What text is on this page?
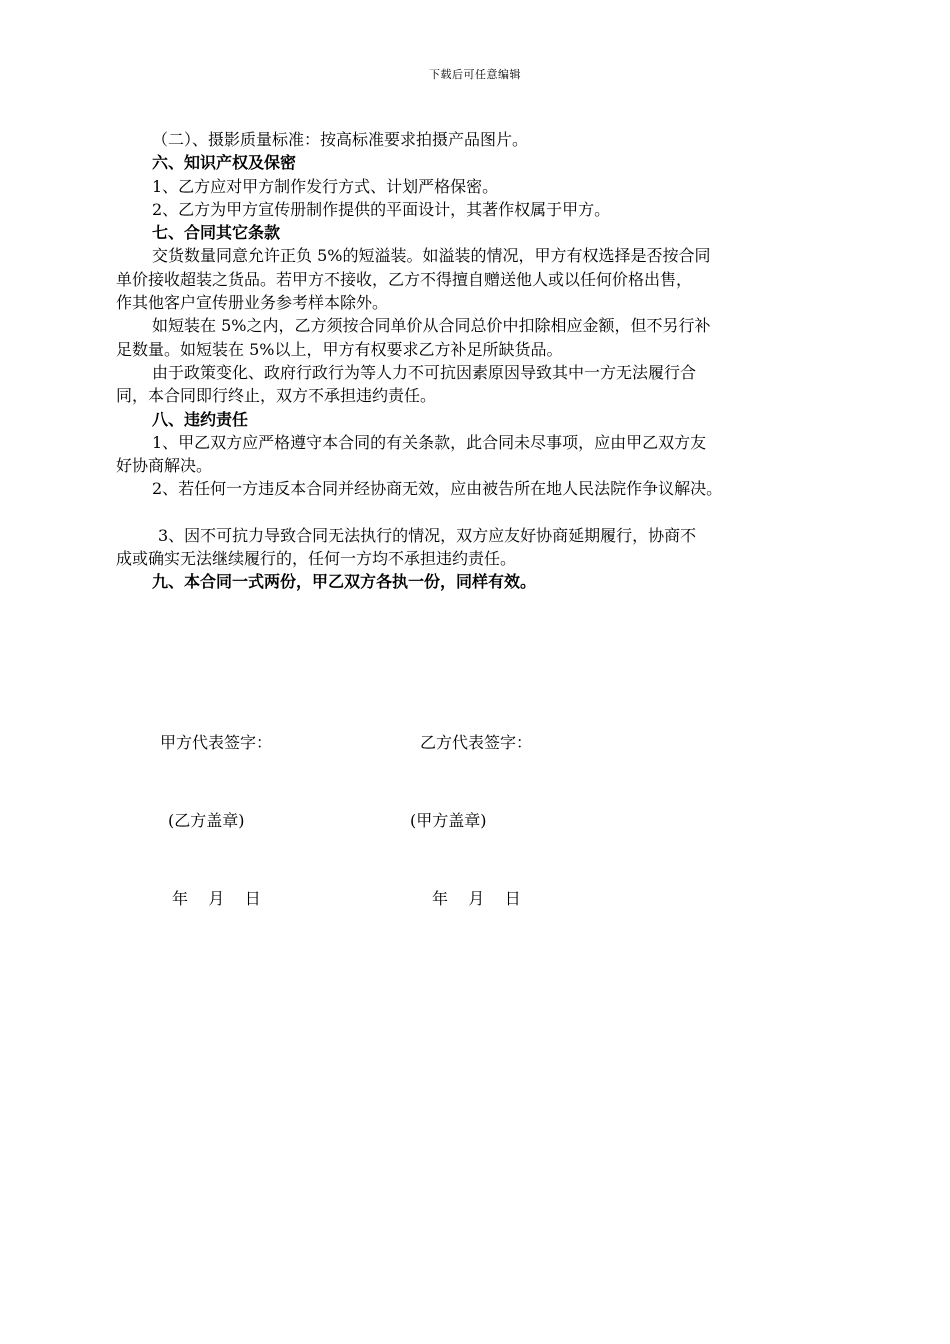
下载后可任意编辑

（二）、摄影质量标准：按高标准要求拍摄产品图片。

六、知识产权及保密

1、乙方应对甲方制作发行方式、计划严格保密。

2、乙方为甲方宣传册制作提供的平面设计，其著作权属于甲方。

七、合同其它条款

交货数量同意允许正负 5%的短溢装。如溢装的情况，甲方有权选择是否按合同

单价接收超装之货品。若甲方不接收，乙方不得擅自赠送他人或以任何价格出售，

作其他客户宣传册业务参考样本除外。

如短装在 5%之内，乙方须按合同单价从合同总价中扣除相应金额，但不另行补

足数量。如短装在 5%以上，甲方有权要求乙方补足所缺货品。

由于政策变化、政府行政行为等人力不可抗因素原因导致其中一方无法履行合

同，本合同即行终止，双方不承担违约责任。

八、违约责任

1、甲乙双方应严格遵守本合同的有关条款，此合同未尽事项，应由甲乙双方友

好协商解决。

2、若任何一方违反本合同并经协商无效，应由被告所在地人民法院作争议解决。

3、因不可抗力导致合同无法执行的情况，双方应友好协商延期履行，协商不

成或确实无法继续履行的，任何一方均不承担违约责任。

九、本合同一式两份，甲乙双方各执一份，同样有效。

甲方代表签字：

(乙方盖章)

年    月    日

乙方代表签字：

(甲方盖章)

年    月    日
